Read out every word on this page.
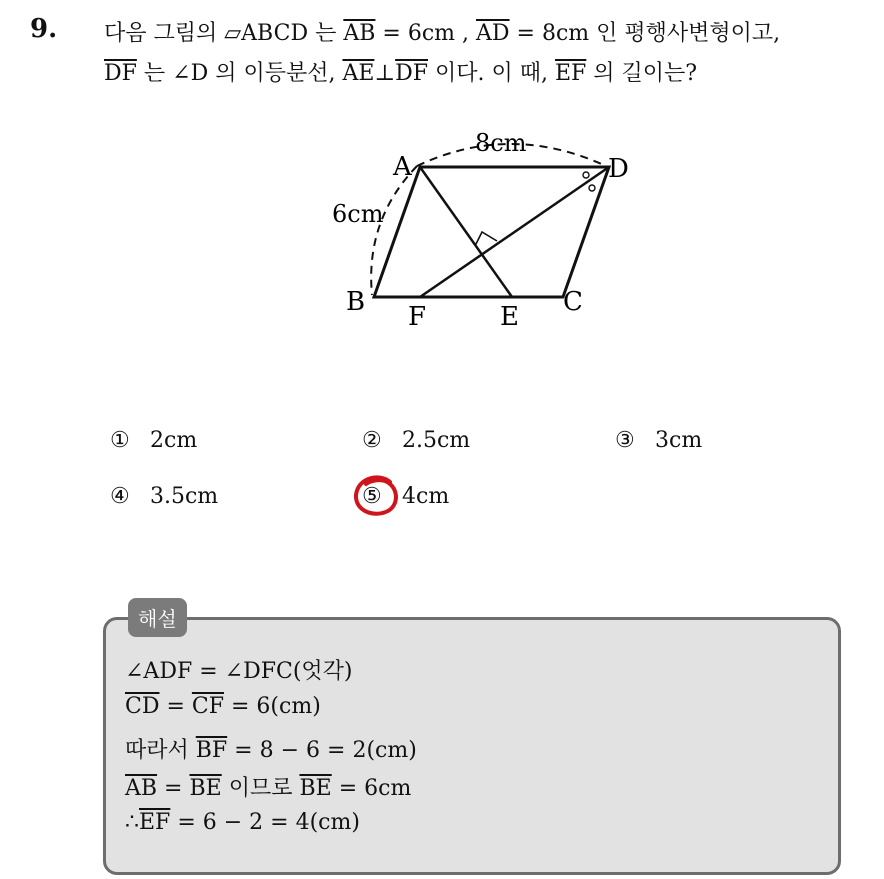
9. 다음 그림의 ▱ABCD 는 $\overline{AB} = 6cm$ , $\overline{AD} = 8cm$ 인 평행사변형이고,
$\overline{DF}$ 는 ∠D 의 이등분선, $\overline{AE}\perp\overline{DF}$ 이다. 이 때, $\overline{EF}$ 의 길이는?
A	D
B	C
F	E
8cm
6cm
① 2cm	② 2.5cm	③ 3cm
④ 3.5cm	⑤ 4cm
해설
∠ADF = ∠DFC(엇각)
$\overline{CD} = \overline{CF} = 6(cm)$
따라서 $\overline{BF} = 8 - 6 = 2(cm)$
$\overline{AB} = \overline{BE}$ 이므로 $\overline{BE} = 6cm$
$\therefore\overline{EF} = 6 - 2 = 4(cm)$
